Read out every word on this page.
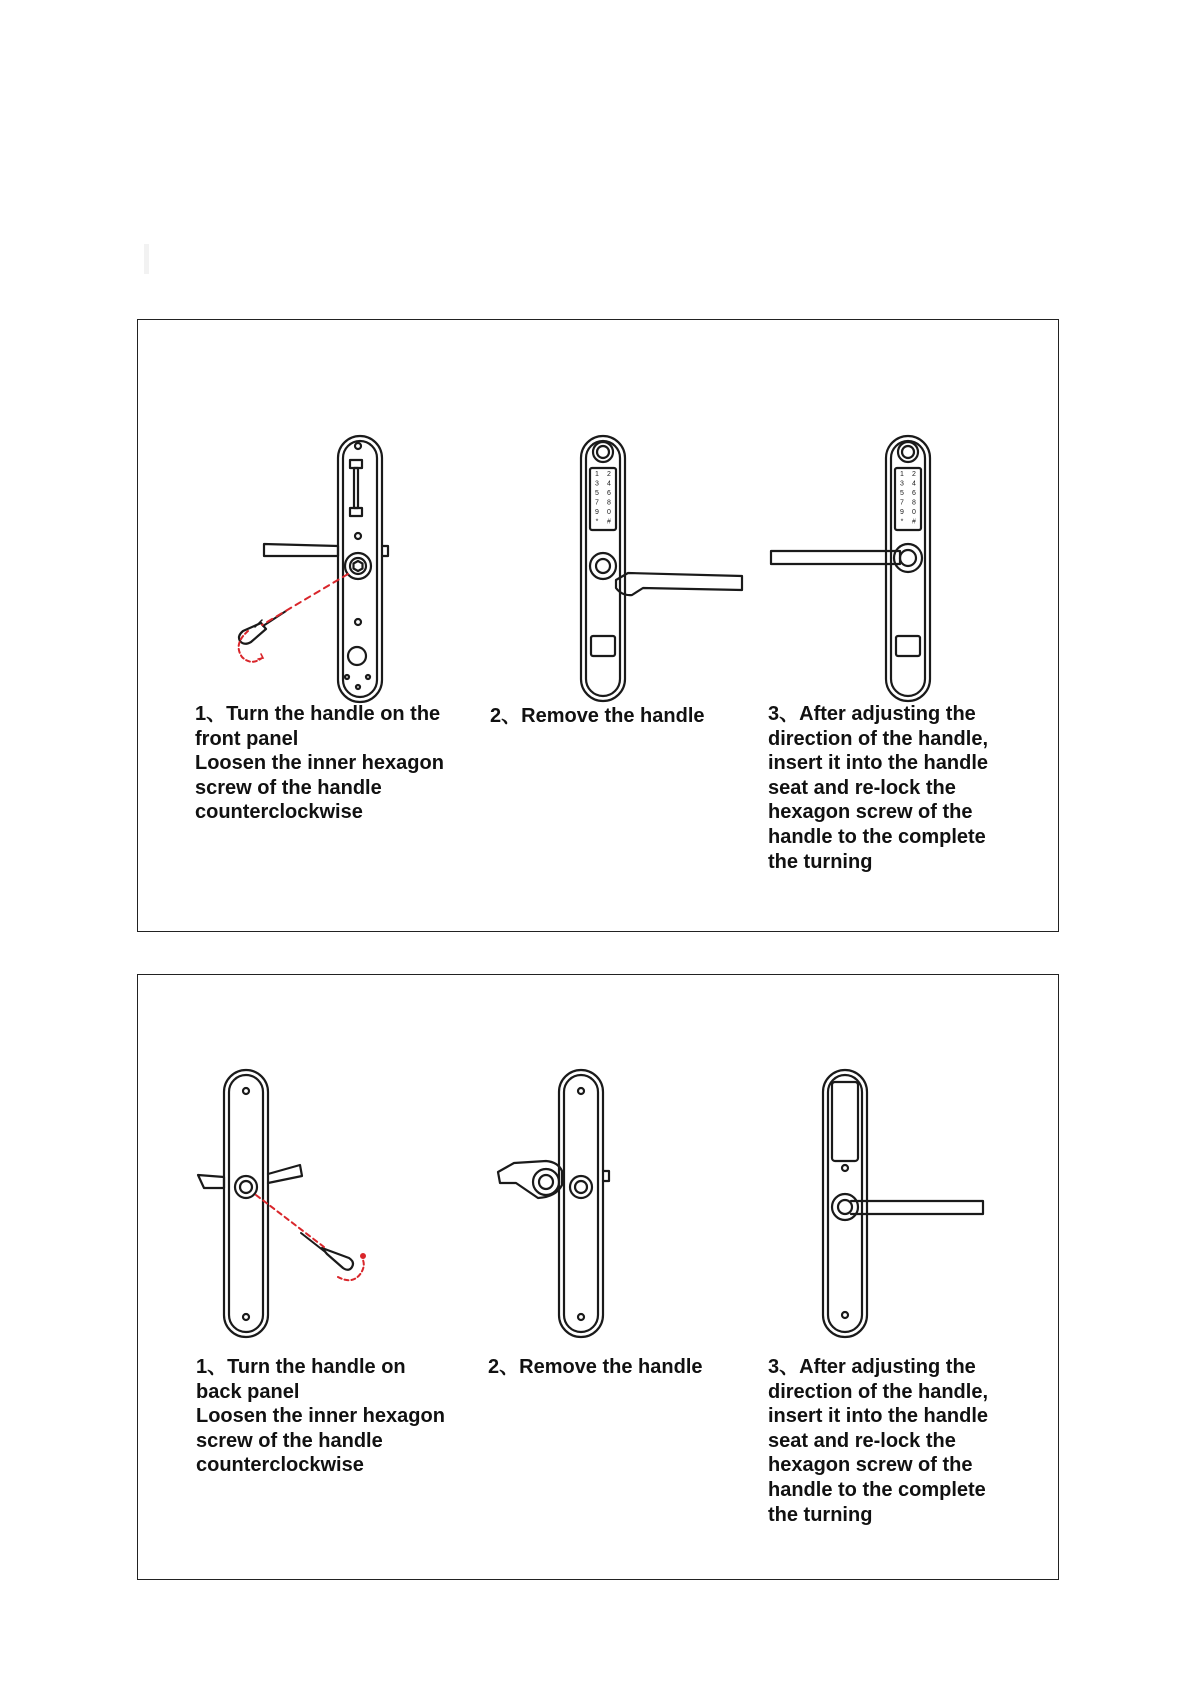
1 2
3 4
5 6
7 8
9 0
* #
1 2
3 4
5 6
7 8
9 0
* #
1、Turn the handle on the
front panel
Loosen the inner hexagon
screw of the handle
counterclockwise
2、Remove the handle	3、After adjusting the
direction of the handle,
insert it into the handle
seat and re-lock the
hexagon screw of the
handle to the complete
the turning
1、Turn the handle on
back panel
Loosen the inner hexagon
screw of the handle
counterclockwise
2、Remove the handle	3、After adjusting the
direction of the handle,
insert it into the handle
seat and re-lock the
hexagon screw of the
handle to the complete
the turning
